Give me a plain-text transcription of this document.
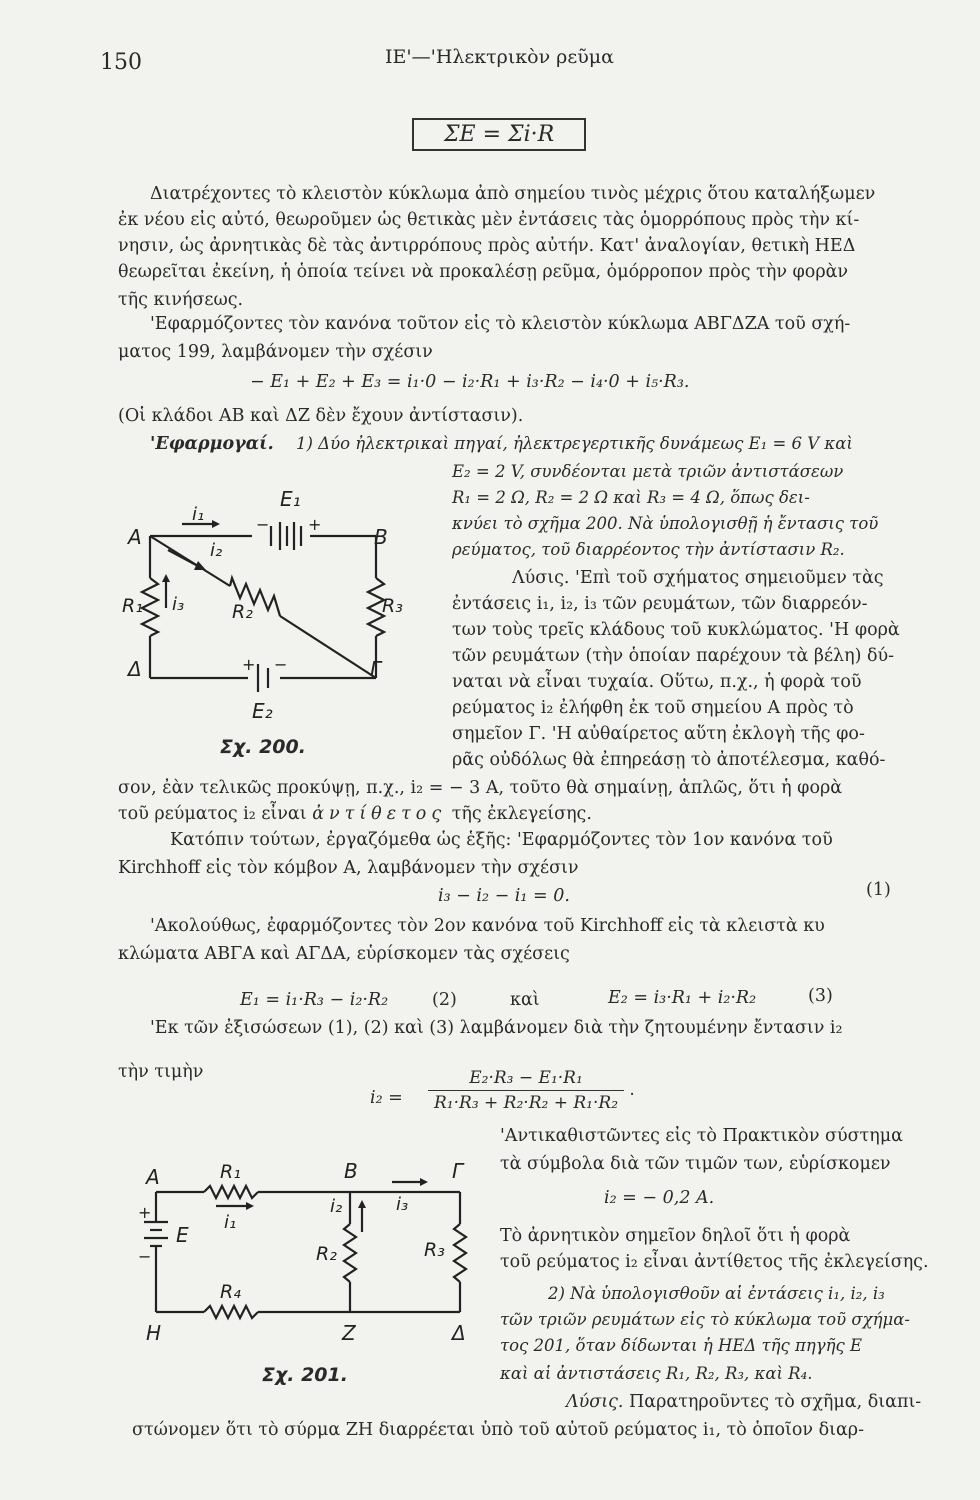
150	ΙΕ'—'Ηλεκτρικὸν ρεῦμα
ΣE = Σi·R
Διατρέχοντες τὸ κλειστὸν κύκλωμα ἀπὸ σημείου τινὸς μέχρις ὅτου καταλήξωμεν
ἐκ νέου εἰς αὐτό, θεωροῦμεν ὡς θετικὰς μὲν ἐντάσεις τὰς ὁμορρόπους πρὸς τὴν κί-
νησιν, ὡς ἀρνητικὰς δὲ τὰς ἀντιρρόπους πρὸς αὐτήν. Κατ' ἀναλογίαν, θετικὴ ΗΕΔ
θεωρεῖται ἐκείνη, ἡ ὁποία τείνει νὰ προκαλέσῃ ρεῦμα, ὁμόρροπον πρὸς τὴν φορὰν
τῆς κινήσεως.
'Εφαρμόζοντες τὸν κανόνα τοῦτον εἰς τὸ κλειστὸν κύκλωμα ΑΒΓΔΖΑ τοῦ σχή-
ματος 199, λαμβάνομεν τὴν σχέσιν
− E₁ + E₂ + E₃ = i₁·0 − i₂·R₁ + i₃·R₂ − i₄·0 + i₅·R₃.
(Οἱ κλάδοι ΑΒ καὶ ΔΖ δὲν ἔχουν ἀντίστασιν).
'Εφαρμογαί. 1) Δύο ἠλεκτρικαὶ πηγαί, ἠλεκτρεγερτικῆς δυνάμεως E₁ = 6 V καὶ
E₂ = 2 V, συνδέονται μετὰ τριῶν ἀντιστάσεων
R₁ = 2 Ω, R₂ = 2 Ω καὶ R₃ = 4 Ω, ὅπως δει-
κνύει τὸ σχῆμα 200. Νὰ ὑπολογισθῇ ἡ ἔντασις τοῦ
ρεύματος, τοῦ διαρρέοντος τὴν ἀντίστασιν R₂.
Λύσις. 'Επὶ τοῦ σχήματος σημειοῦμεν τὰς
ἐντάσεις i₁, i₂, i₃ τῶν ρευμάτων, τῶν διαρρεόν-
των τοὺς τρεῖς κλάδους τοῦ κυκλώματος. 'Η φορὰ
τῶν ρευμάτων (τὴν ὁποίαν παρέχουν τὰ βέλη) δύ-
ναται νὰ εἶναι τυχαία. Οὕτω, π.χ., ἡ φορὰ τοῦ
ρεύματος i₂ ἐλήφθη ἐκ τοῦ σημείου Α πρὸς τὸ
σημεῖον Γ. 'Η αὐθαίρετος αὕτη ἐκλογὴ τῆς φο-
ρᾶς οὐδόλως θὰ ἐπηρεάσῃ τὸ ἀποτέλεσμα, καθό-
A	B
Δ	Γ
E₁
E₂
R₁	R₂	R₃
i₁
i₂
i₃
− +
+ −
Σχ. 200.
σον, ἐὰν τελικῶς προκύψῃ, π.χ., i₂ = − 3 A, τοῦτο θὰ σημαίνῃ, ἁπλῶς, ὅτι ἡ φορὰ
τοῦ ρεύματος i₂ εἶναι ἀντίθετος τῆς ἐκλεγείσης.
Κατόπιν τούτων, ἐργαζόμεθα ὡς ἑξῆς: 'Εφαρμόζοντες τὸν 1ον κανόνα τοῦ
Kirchhoff εἰς τὸν κόμβον Α, λαμβάνομεν τὴν σχέσιν
i₃ − i₂ − i₁ = 0.	(1)
'Ακολούθως, ἐφαρμόζοντες τὸν 2ον κανόνα τοῦ Kirchhoff εἰς τὰ κλειστὰ κυ
κλώματα ΑΒΓΑ καὶ ΑΓΔΑ, εὑρίσκομεν τὰς σχέσεις
E₁ = i₁·R₃ − i₂·R₂	(2)	καὶ	E₂ = i₃·R₁ + i₂·R₂	(3)
'Εκ τῶν ἐξισώσεων (1), (2) καὶ (3) λαμβάνομεν διὰ τὴν ζητουμένην ἔντασιν i₂
τὴν τιμὴν
$i_2 = \frac{\text{E₂·R₃ − E₁·R₁}}{\text{R₁·R₃ + R₂·R₂ + R₁·R₂}}$ .
'Αντικαθιστῶντες εἰς τὸ Πρακτικὸν σύστημα
τὰ σύμβολα διὰ τῶν τιμῶν των, εὑρίσκομεν
i₂ = − 0,2 A.
Τὸ ἀρνητικὸν σημεῖον δηλοῖ ὅτι ἡ φορὰ
τοῦ ρεύματος i₂ εἶναι ἀντίθετος τῆς ἐκλεγείσης.
2) Νὰ ὑπολογισθοῦν αἱ ἐντάσεις i₁, i₂, i₃
τῶν τριῶν ρευμάτων εἰς τὸ κύκλωμα τοῦ σχήμα-
τος 201, ὅταν δίδωνται ἡ ΗΕΔ τῆς πηγῆς Ε
καὶ αἱ ἀντιστάσεις R₁, R₂, R₃, καὶ R₄.
Λύσις. Παρατηροῦντες τὸ σχῆμα, διαπι-
A	B	Γ
H	Z	Δ
E
R₁
R₂	R₃
R₄
i₁
i₂	i₃
+
−
Σχ. 201.
στώνομεν ὅτι τὸ σύρμα ΖΗ διαρρέεται ὑπὸ τοῦ αὐτοῦ ρεύματος i₁, τὸ ὁποῖον διαρ-
